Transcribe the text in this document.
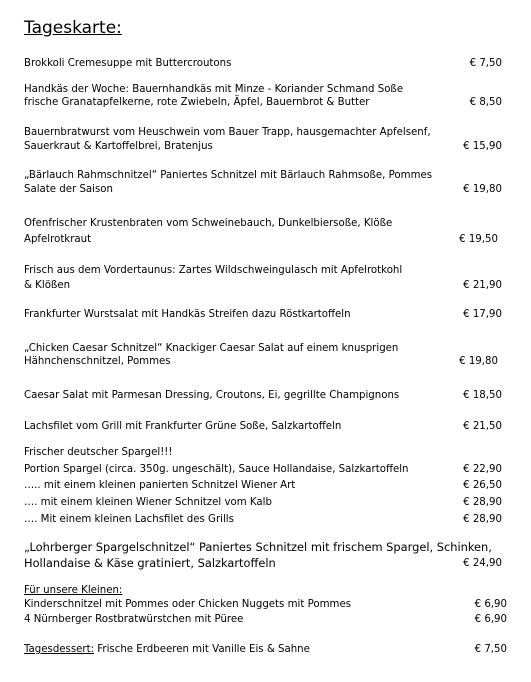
Tageskarte:
Brokkoli Cremesuppe mit Buttercroutons
Handkäs der Woche: Bauernhandkäs mit Minze - Koriander Schmand Soße
frische Granatapfelkerne, rote Zwiebeln, Äpfel, Bauernbrot & Butter
Bauernbratwurst vom Heuschwein vom Bauer Trapp, hausgemachter Apfelsenf,
Sauerkraut & Kartoffelbrei, Bratenjus
„Bärlauch Rahmschnitzel“ Paniertes Schnitzel mit Bärlauch Rahmsoße, Pommes
Salate der Saison
Ofenfrischer Krustenbraten vom Schweinebauch, Dunkelbiersoße, Klöße
Apfelrotkraut
Frisch aus dem Vordertaunus: Zartes Wildschweingulasch mit Apfelrotkohl
& Klößen
Frankfurter Wurstsalat mit Handkäs Streifen dazu Röstkartoffeln
„Chicken Caesar Schnitzel“ Knackiger Caesar Salat auf einem knusprigen
Hähnchenschnitzel, Pommes
Caesar Salat mit Parmesan Dressing, Croutons, Ei, gegrillte Champignons
Lachsfilet vom Grill mit Frankfurter Grüne Soße, Salzkartoffeln
Frischer deutscher Spargel!!!
Portion Spargel (circa. 350g. ungeschält), Sauce Hollandaise, Salzkartoffeln
….. mit einem kleinen panierten Schnitzel Wiener Art
…. mit einem kleinen Wiener Schnitzel vom Kalb
…. Mit einem kleinen Lachsfilet des Grills
„Lohrberger Spargelschnitzel“ Paniertes Schnitzel mit frischem Spargel, Schinken,
Hollandaise & Käse gratiniert, Salzkartoffeln
Für unsere Kleinen:
Kinderschnitzel mit Pommes oder Chicken Nuggets mit Pommes
4 Nürnberger Rostbratwürstchen mit Püree
Tagesdessert: Frische Erdbeeren mit Vanille Eis & Sahne
€ 7,50
€ 8,50
€ 15,90
€ 19,80
€ 19,50
€ 21,90
€ 17,90
€ 19,80
€ 18,50
€ 21,50
€ 22,90
€ 26,50
€ 28,90
€ 28,90
€ 24,90
€ 6,90
€ 6,90
€ 7,50
